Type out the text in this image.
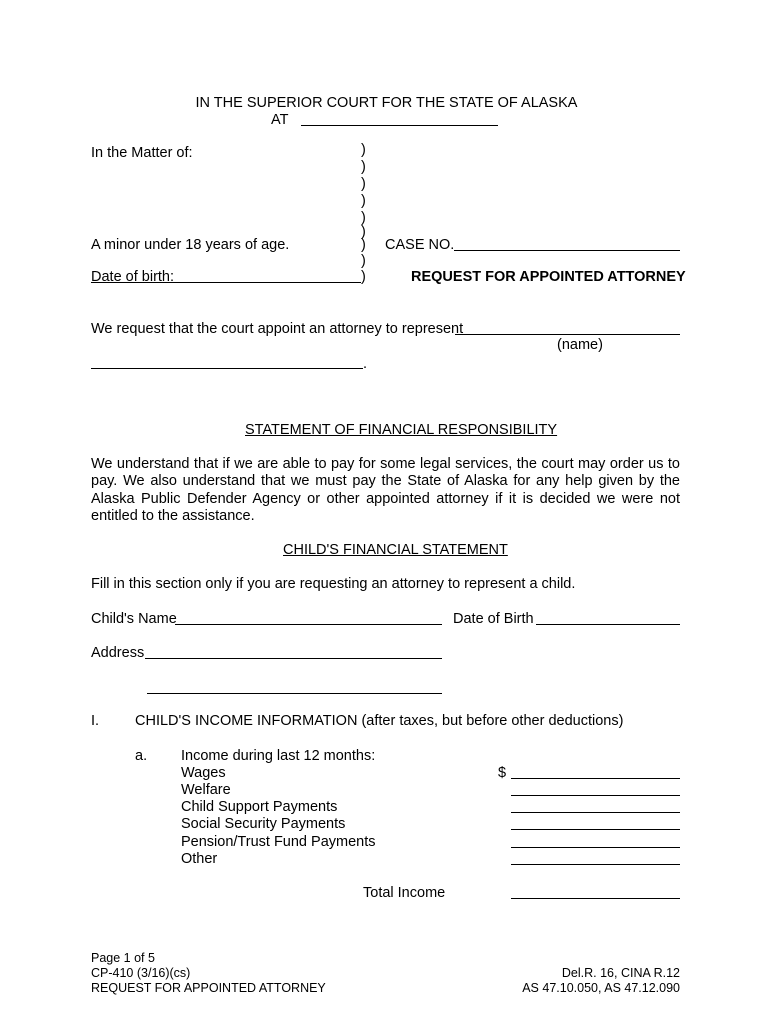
IN THE SUPERIOR COURT FOR THE STATE OF ALASKA
AT
In the Matter of:
A minor under 18 years of age.
Date of birth:
)
)
)
)
)
)
)
)
)
CASE NO.
REQUEST FOR APPOINTED ATTORNEY
We request that the court appoint an attorney to represent
(name)
.
STATEMENT OF FINANCIAL RESPONSIBILITY
We understand that if we are able to pay for some legal services, the court may order us to pay. We also understand that we must pay the State of Alaska for any help given by the Alaska Public Defender Agency or other appointed attorney if it is decided we were not entitled to the assistance.
CHILD'S FINANCIAL STATEMENT
Fill in this section only if you are requesting an attorney to represent a child.
Child's Name	Date of Birth
Address
I. CHILD'S INCOME INFORMATION (after taxes, but before other deductions)
a. Income during last 12 months:
Wages
Welfare
Child Support Payments
Social Security Payments
Pension/Trust Fund Payments
Other
$
Total Income
Page 1 of 5
CP-410 (3/16)(cs)
REQUEST FOR APPOINTED ATTORNEY
Del.R. 16, CINA R.12
AS 47.10.050, AS 47.12.090
